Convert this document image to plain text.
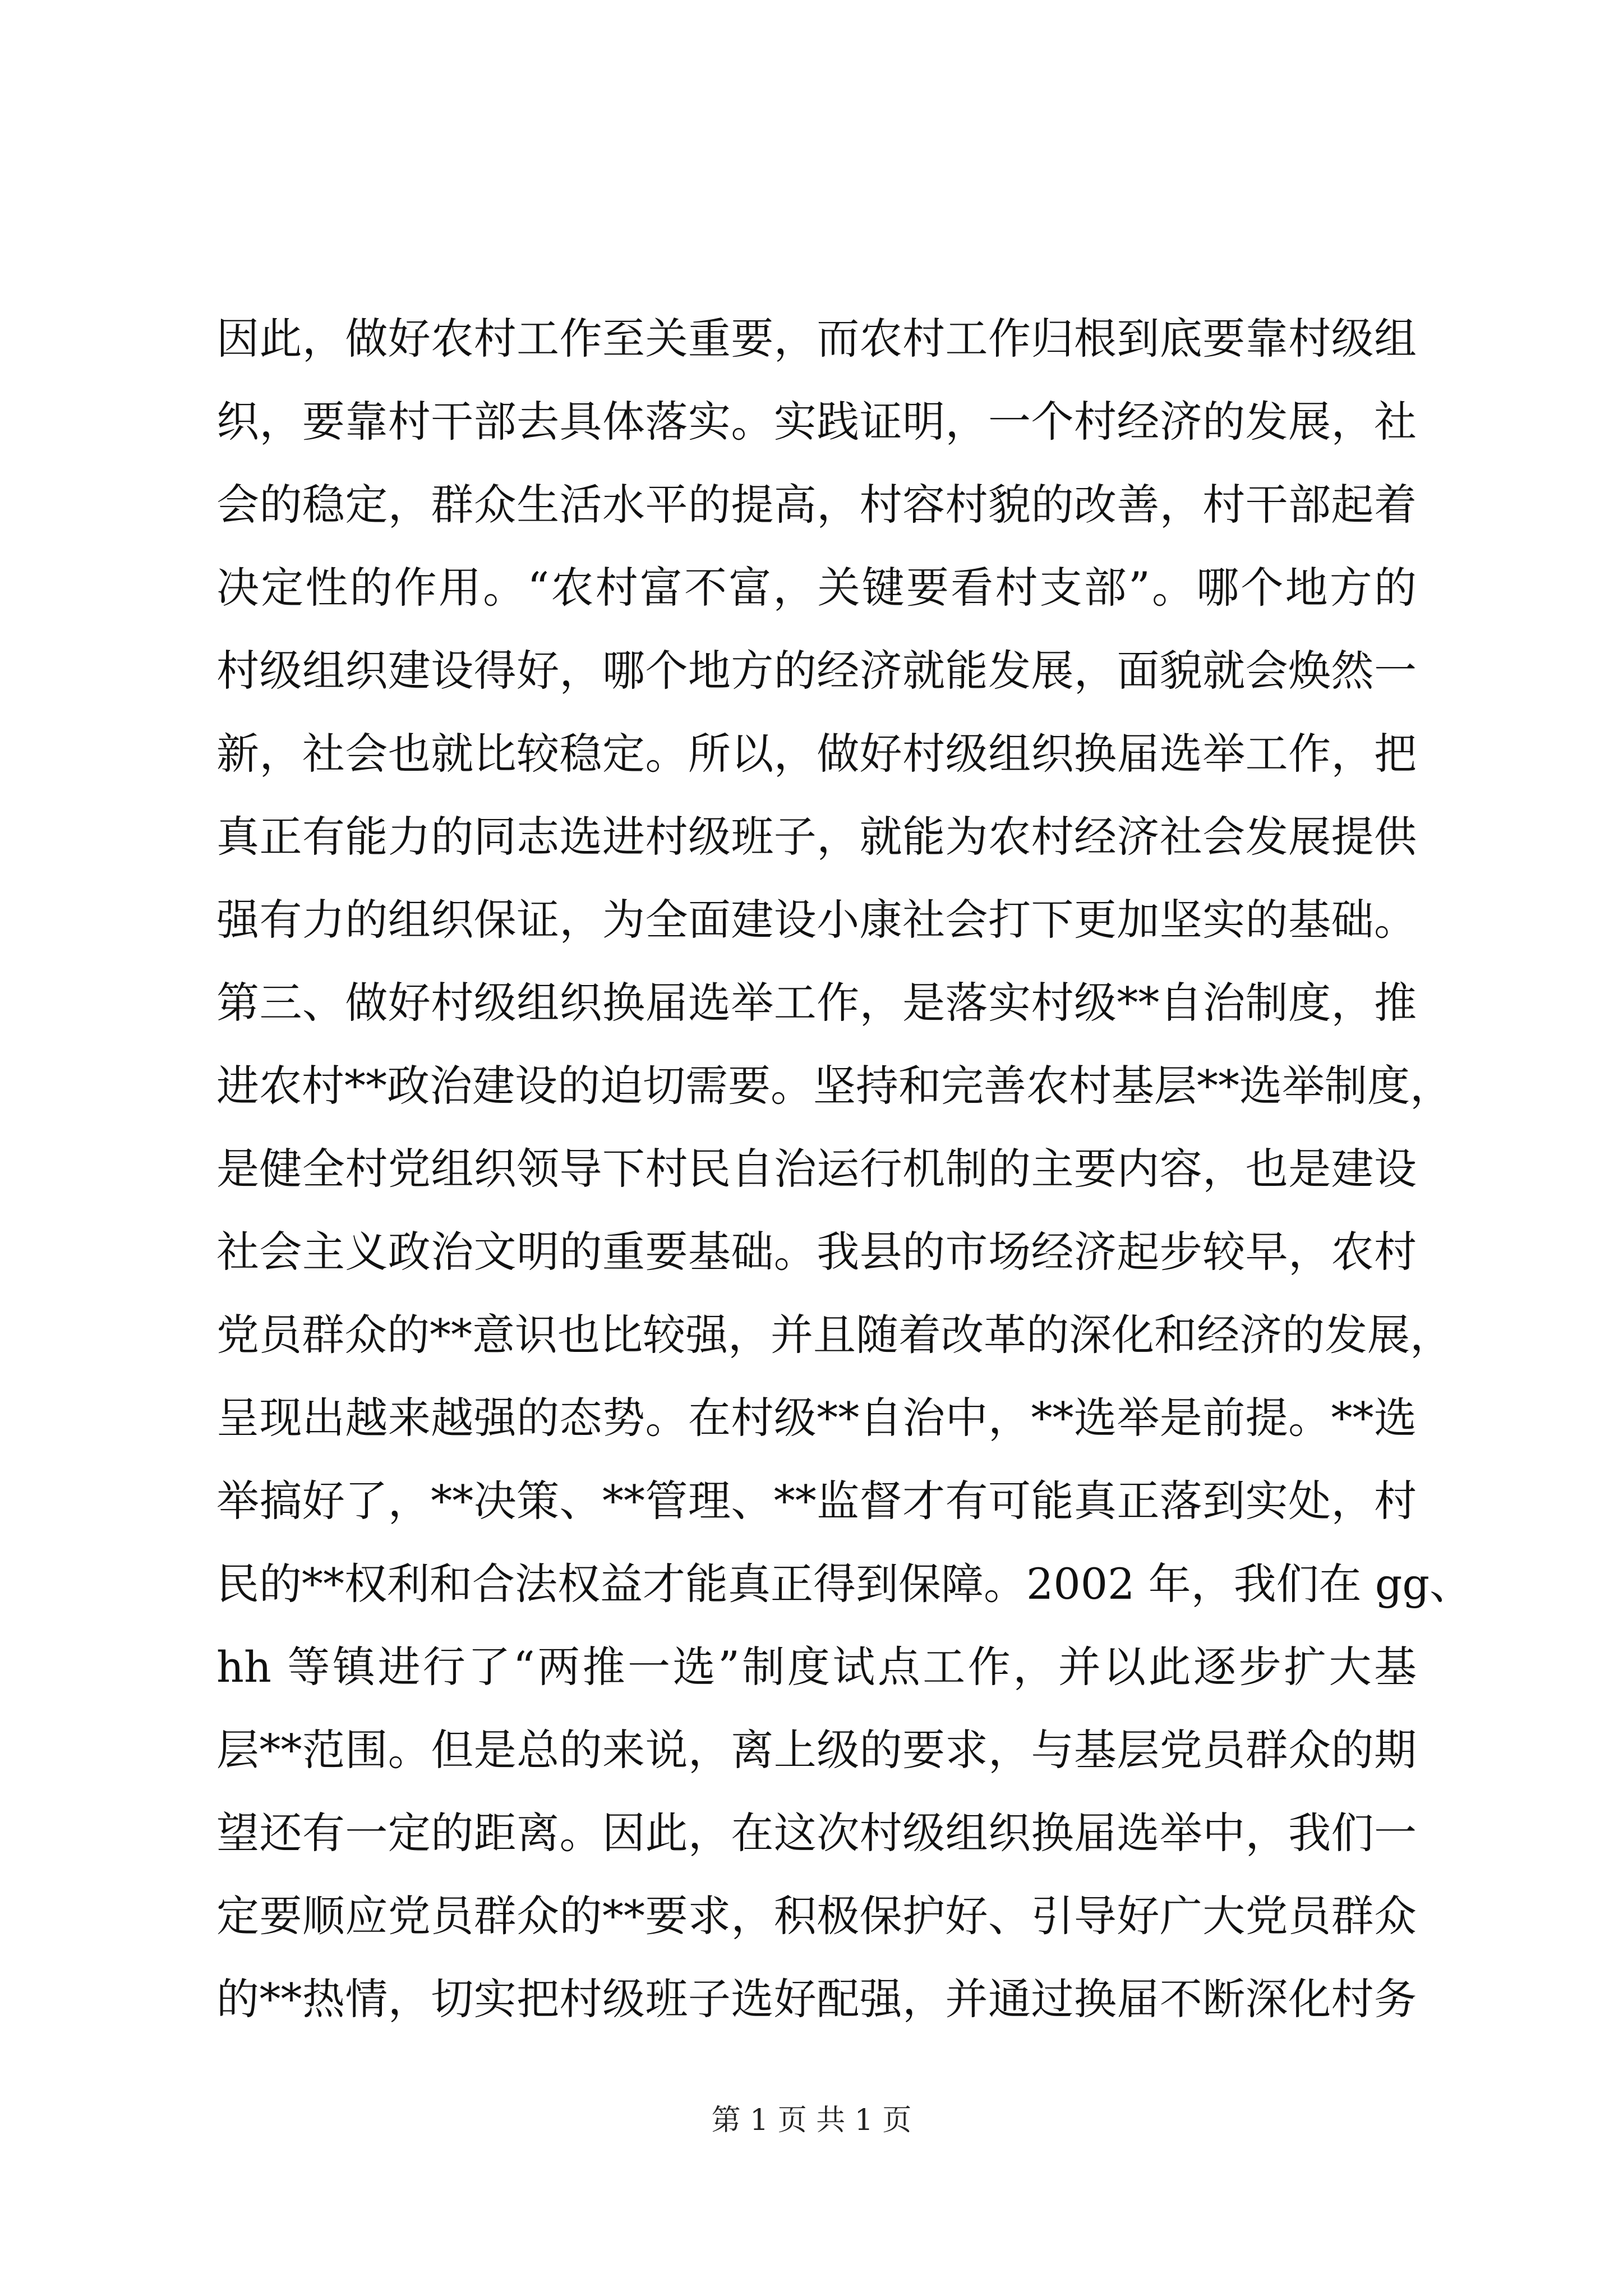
因此，做好农村工作至关重要，而农村工作归根到底要靠村级组
织，要靠村干部去具体落实。实践证明，一个村经济的发展，社
会的稳定，群众生活水平的提高，村容村貌的改善，村干部起着
决定性的作用。“农村富不富，关键要看村支部”。哪个地方的
村级组织建设得好，哪个地方的经济就能发展，面貌就会焕然一
新，社会也就比较稳定。所以，做好村级组织换届选举工作，把
真正有能力的同志选进村级班子，就能为农村经济社会发展提供
强有力的组织保证，为全面建设小康社会打下更加坚实的基础。
第三、做好村级组织换届选举工作，是落实村级**自治制度，推
进农村**政治建设的迫切需要。坚持和完善农村基层**选举制度，
是健全村党组织领导下村民自治运行机制的主要内容，也是建设
社会主义政治文明的重要基础。我县的市场经济起步较早，农村
党员群众的**意识也比较强，并且随着改革的深化和经济的发展，
呈现出越来越强的态势。在村级**自治中，**选举是前提。**选
举搞好了，**决策、**管理、**监督才有可能真正落到实处，村
民的**权利和合法权益才能真正得到保障。2002 年，我们在 gg、
hh 等镇进行了“两推一选”制度试点工作，并以此逐步扩大基
层**范围。但是总的来说，离上级的要求，与基层党员群众的期
望还有一定的距离。因此，在这次村级组织换届选举中，我们一
定要顺应党员群众的**要求，积极保护好、引导好广大党员群众
的**热情，切实把村级班子选好配强，并通过换届不断深化村务
第 1 页 共 1 页
